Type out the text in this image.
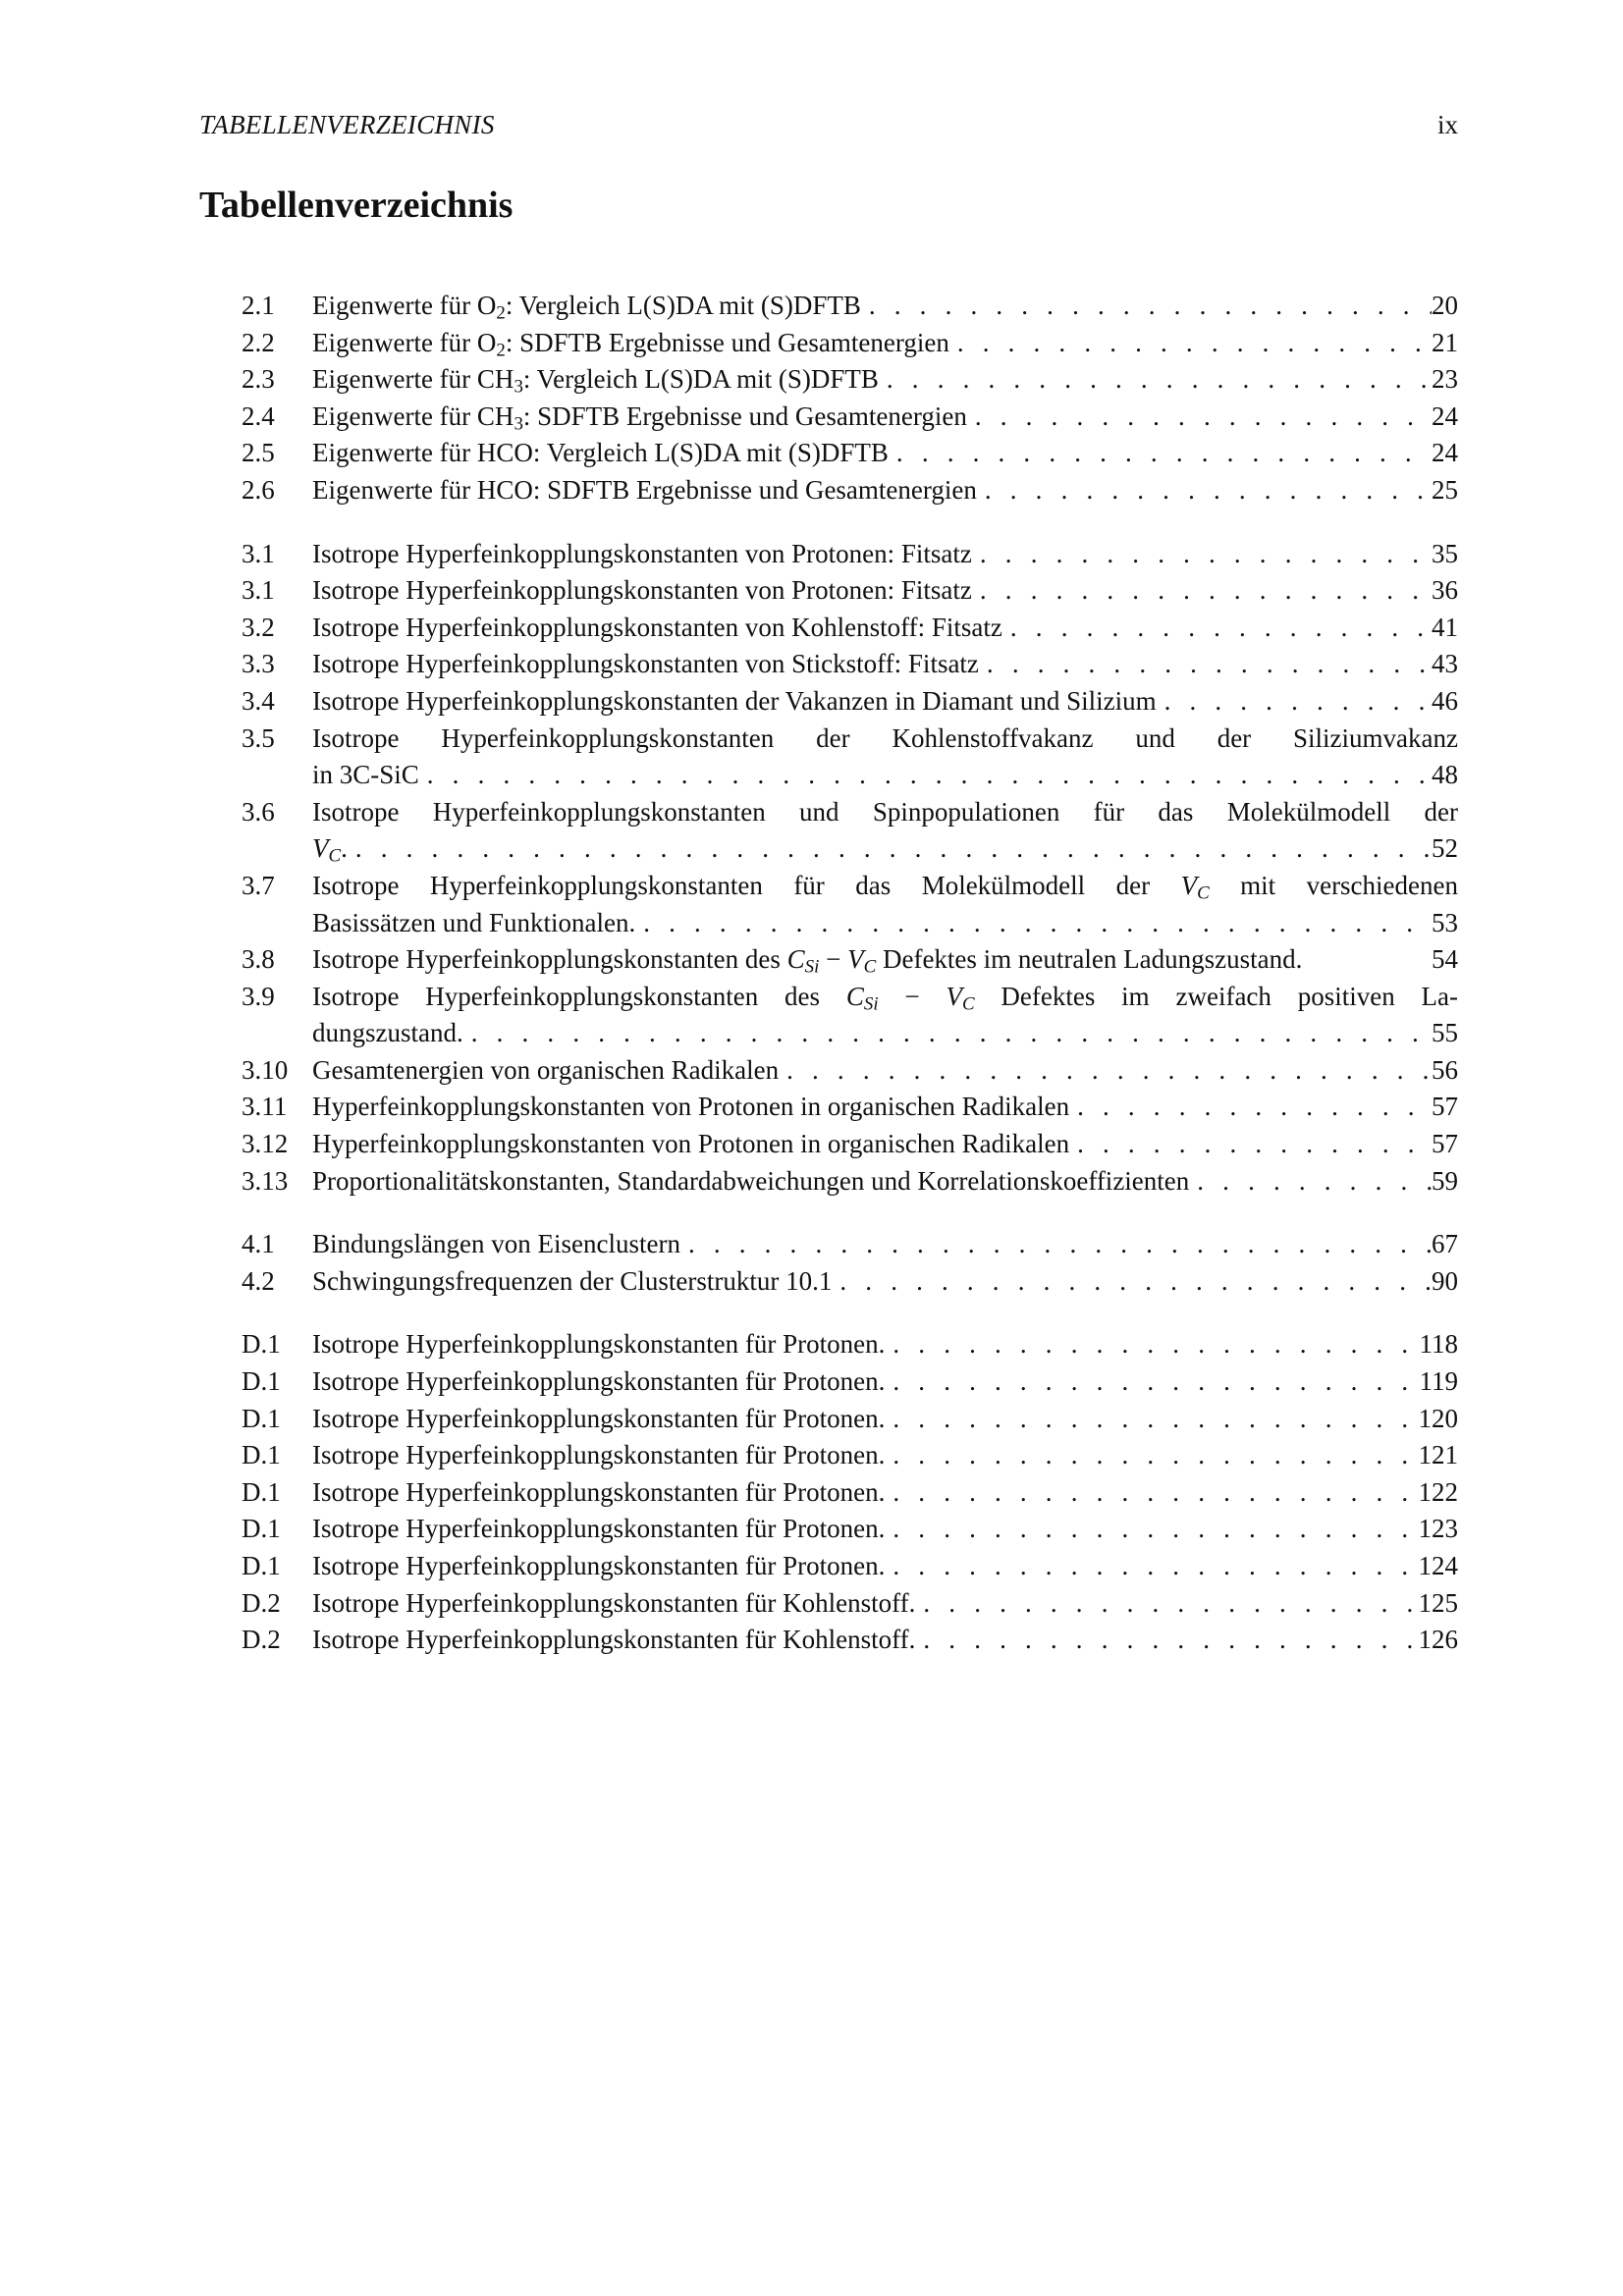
TABELLENVERZEICHNIS	ix
Tabellenverzeichnis
2.1	Eigenwerte für $O_2$: Vergleich L(S)DA mit (S)DFTB . . .	20
2.2	Eigenwerte für $O_2$: SDFTB Ergebnisse und Gesamtenergien . . .	21
2.3	Eigenwerte für $CH_3$: Vergleich L(S)DA mit (S)DFTB . . .	23
2.4	Eigenwerte für $CH_3$: SDFTB Ergebnisse und Gesamtenergien . . .	24
2.5	Eigenwerte für HCO: Vergleich L(S)DA mit (S)DFTB . . .	24
2.6	Eigenwerte für HCO: SDFTB Ergebnisse und Gesamtenergien . . .	25
3.1	Isotrope Hyperfeinkopplungskonstanten von Protonen: Fitsatz . . .	35
3.1	Isotrope Hyperfeinkopplungskonstanten von Protonen: Fitsatz . . .	36
3.2	Isotrope Hyperfeinkopplungskonstanten von Kohlenstoff: Fitsatz . . .	41
3.3	Isotrope Hyperfeinkopplungskonstanten von Stickstoff: Fitsatz . . .	43
3.4	Isotrope Hyperfeinkopplungskonstanten der Vakanzen in Diamant und Silizium . . .	46
3.5	Isotrope Hyperfeinkopplungskonstanten der Kohlenstoffvakanz und der Siliziumvakanz
in 3C-SiC . . .	48
3.6	Isotrope Hyperfeinkopplungskonstanten und Spinpopulationen für das Molekülmodell der
$V_C$. . . .	52
3.7	Isotrope Hyperfeinkopplungskonstanten für das Molekülmodell der $V_C$ mit verschiedenen
Basissätzen und Funktionalen. . . .	53
3.8	Isotrope Hyperfeinkopplungskonstanten des $C_{Si} - V_C$ Defektes im neutralen Ladungszustand.	54
3.9	Isotrope Hyperfeinkopplungskonstanten des $C_{Si} - V_C$ Defektes im zweifach positiven La-
dungszustand. . . .	55
3.10 Gesamtenergien von organischen Radikalen . . .	56
3.11 Hyperfeinkopplungskonstanten von Protonen in organischen Radikalen . . .	57
3.12 Hyperfeinkopplungskonstanten von Protonen in organischen Radikalen . . .	57
3.13 Proportionalitätskonstanten, Standardabweichungen und Korrelationskoeffizienten . . .	59
4.1	Bindungslängen von Eisenclustern . . .	67
4.2	Schwingungsfrequenzen der Clusterstruktur 10.1 . . .	90
D.1	Isotrope Hyperfeinkopplungskonstanten für Protonen. . . .	118
D.1	Isotrope Hyperfeinkopplungskonstanten für Protonen. . . .	119
D.1	Isotrope Hyperfeinkopplungskonstanten für Protonen. . . .	120
D.1	Isotrope Hyperfeinkopplungskonstanten für Protonen. . . .	121
D.1	Isotrope Hyperfeinkopplungskonstanten für Protonen. . . .	122
D.1	Isotrope Hyperfeinkopplungskonstanten für Protonen. . . .	123
D.1	Isotrope Hyperfeinkopplungskonstanten für Protonen. . . .	124
D.2	Isotrope Hyperfeinkopplungskonstanten für Kohlenstoff. . . .	125
D.2	Isotrope Hyperfeinkopplungskonstanten für Kohlenstoff. . . .	126
